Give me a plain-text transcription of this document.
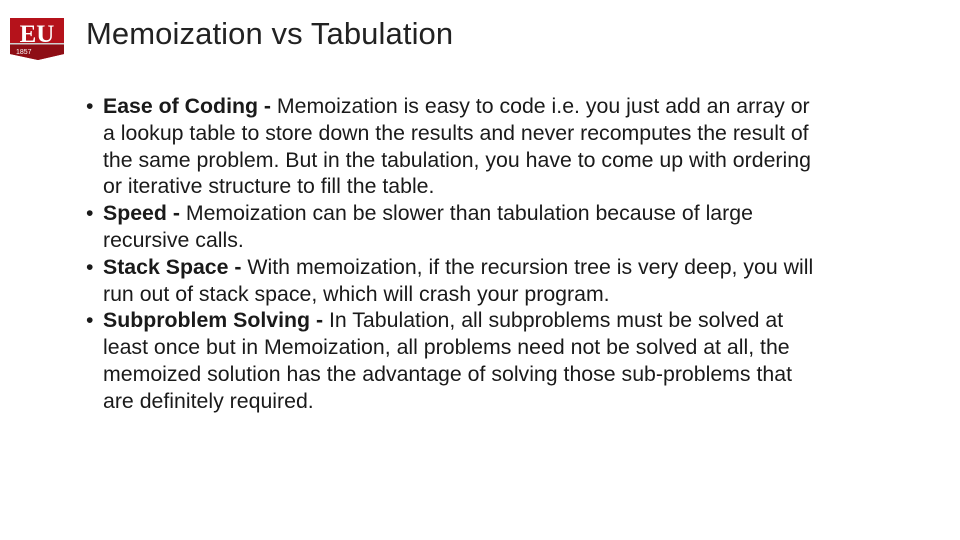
EU
1857
Memoization vs Tabulation
• Ease of Coding - Memoization is easy to code i.e. you just add an array or a lookup table to store down the results and never recomputes the result of the same problem. But in the tabulation, you have to come up with ordering or iterative structure to fill the table.
• Speed - Memoization can be slower than tabulation because of large recursive calls.
• Stack Space - With memoization, if the recursion tree is very deep, you will run out of stack space, which will crash your program.
• Subproblem Solving - In Tabulation, all subproblems must be solved at least once but in Memoization, all problems need not be solved at all, the memoized solution has the advantage of solving those sub-problems that are definitely required.
